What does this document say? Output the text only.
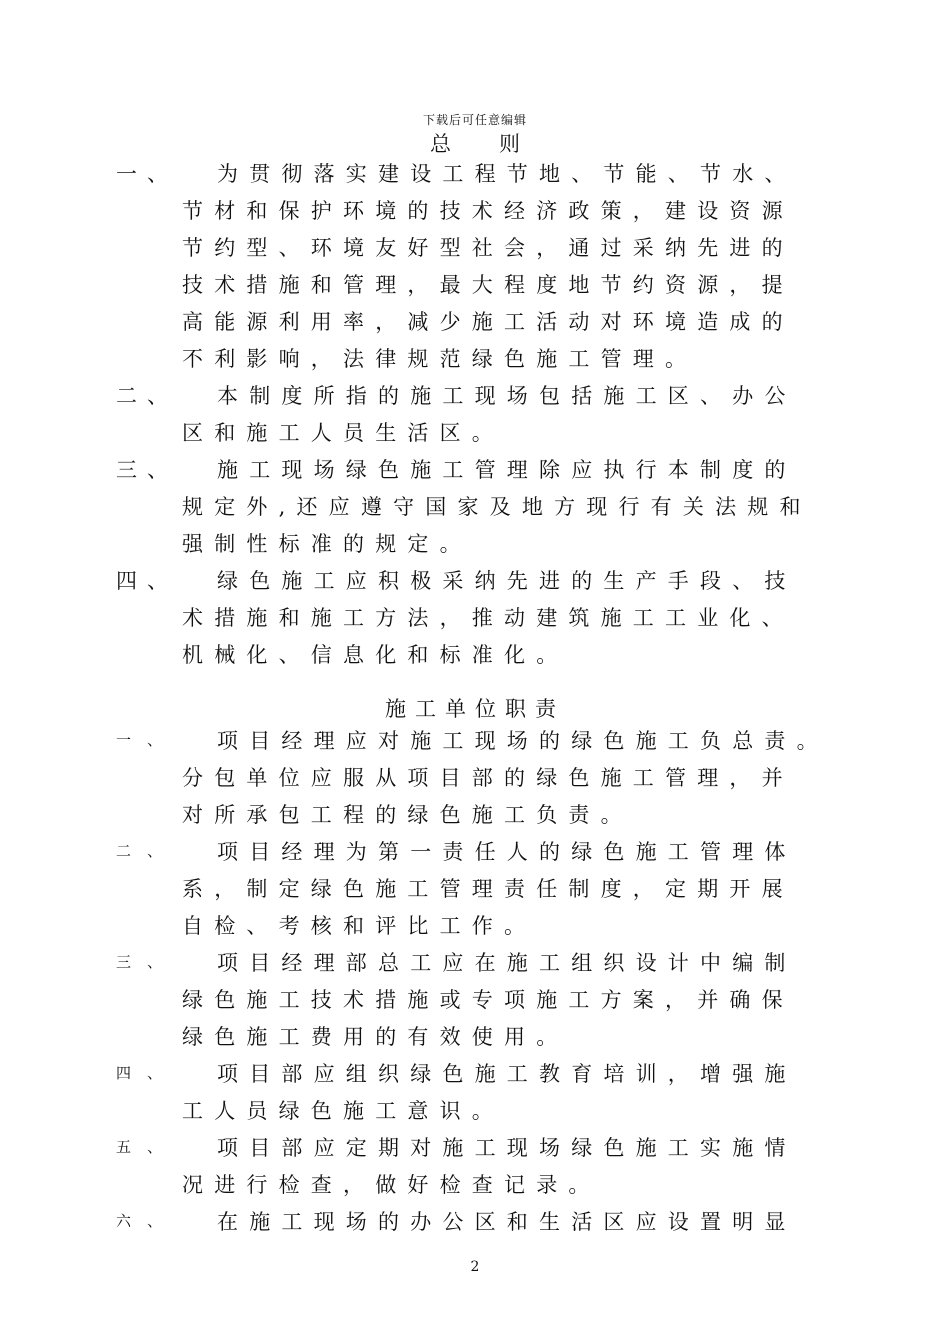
下载后可任意编辑
总 则
一、 为贯彻落实建设工程节地、节能、节水、
节材和保护环境的技术经济政策，建设资源
节约型、环境友好型社会，通过采纳先进的
技术措施和管理，最大程度地节约资源，提
高能源利用率，减少施工活动对环境造成的
不利影响，法律规范绿色施工管理。
二、 本制度所指的施工现场包括施工区、办公
区和施工人员生活区。
三、 施工现场绿色施工管理除应执行本制度的
规定外,还应遵守国家及地方现行有关法规和
强制性标准的规定。
四、 绿色施工应积极采纳先进的生产手段、技
术措施和施工方法，推动建筑施工工业化、
机械化、信息化和标准化。
施工单位职责
一、 项目经理应对施工现场的绿色施工负总责。
分包单位应服从项目部的绿色施工管理，并
对所承包工程的绿色施工负责。
二、 项目经理为第一责任人的绿色施工管理体
系，制定绿色施工管理责任制度，定期开展
自检、考核和评比工作。
三、 项目经理部总工应在施工组织设计中编制
绿色施工技术措施或专项施工方案，并确保
绿色施工费用的有效使用。
四、 项目部应组织绿色施工教育培训，增强施
工人员绿色施工意识。
五、 项目部应定期对施工现场绿色施工实施情
况进行检查，做好检查记录。
六、 在施工现场的办公区和生活区应设置明显
2
